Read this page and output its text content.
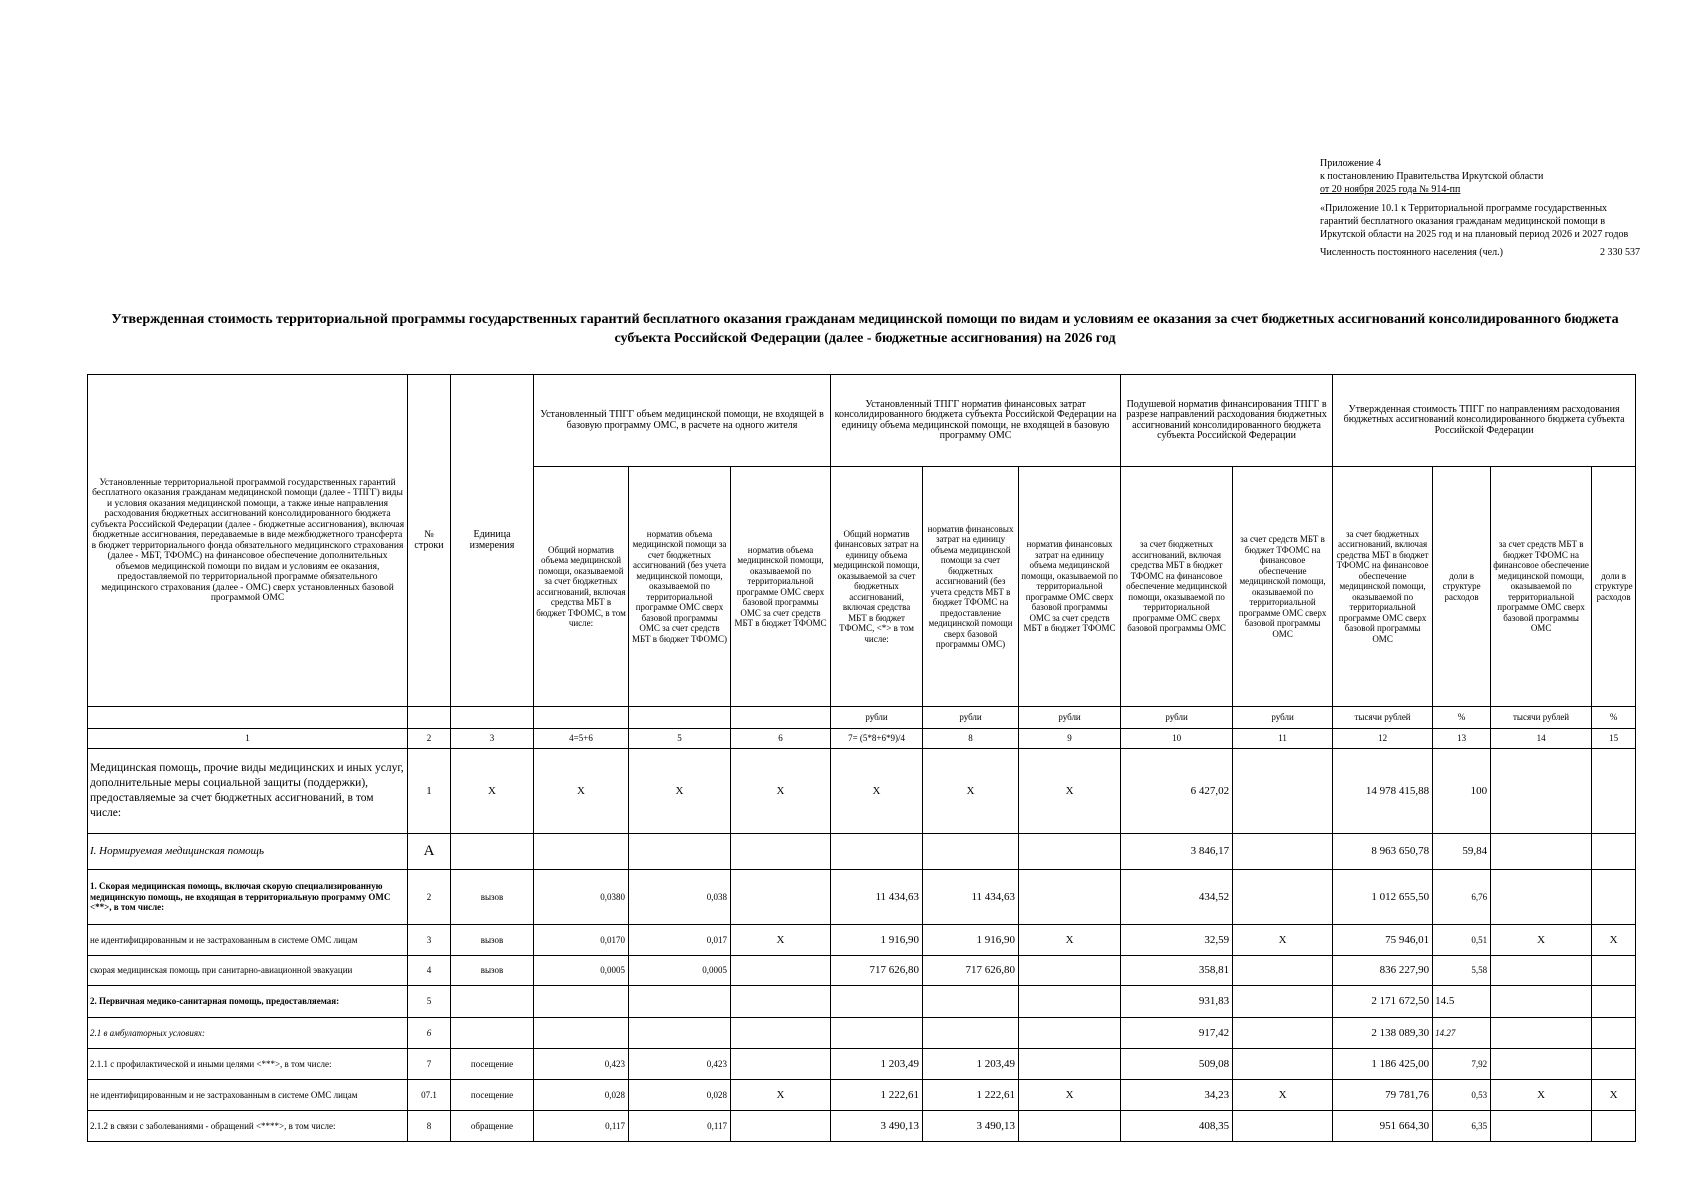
Приложение 4
к постановлению Правительства Иркутской области
от 20 ноября 2025 года № 914-пп
«Приложение 10.1 к Территориальной программе государственных гарантий бесплатного оказания гражданам медицинской помощи в Иркутской области на 2025 год и на плановый период 2026 и 2027 годов
Численность постоянного населения (чел.)	2 330 537
Утвержденная стоимость территориальной программы государственных гарантий бесплатного оказания гражданам медицинской помощи по видам и условиям ее оказания за счет бюджетных ассигнований консолидированного бюджета субъекта Российской Федерации (далее - бюджетные ассигнования) на 2026 год
Установленные территориальной программой государственных гарантий бесплатного оказания гражданам медицинской помощи (далее - ТПГГ) виды и условия оказания медицинской помощи, а также иные направления расходования бюджетных ассигнований консолидированного бюджета субъекта Российской Федерации (далее - бюджетные ассигнования), включая бюджетные ассигнования, передаваемые в виде межбюджетного трансферта в бюджет территориального фонда обязательного медицинского страхования (далее - МБТ, ТФОМС) на финансовое обеспечение дополнительных объемов медицинской помощи по видам и условиям ее оказания, предоставляемой по территориальной программе обязательного медицинского страхования (далее - ОМС) сверх установленных базовой программой ОМС	№ строки	Единица измерения	Установленный ТПГГ объем медицинской помощи, не входящей в базовую программу ОМС, в расчете на одного жителя			Установленный ТПГГ норматив финансовых затрат консолидированного бюджета субъекта Российской Федерации на единицу объема медицинской помощи, не входящей в базовую программу ОМС			Подушевой норматив финансирования ТПГГ в разрезе направлений расходования бюджетных ассигнований консолидированного бюджета субъекта Российской Федерации		Утвержденная стоимость ТПГГ по направлениям расходования бюджетных ассигнований консолидированного бюджета субъекта Российской Федерации			
			Общий норматив объема медицинской помощи, оказываемой за счет бюджетных ассигнований, включая средства МБТ в бюджет ТФОМС, в том числе:	норматив объема медицинской помощи за счет бюджетных ассигнований (без учета медицинской помощи, оказываемой по территориальной программе ОМС сверх базовой программы ОМС за счет средств МБТ в бюджет ТФОМС)	норматив объема медицинской помощи, оказываемой по территориальной программе ОМС сверх базовой программы ОМС за счет средств МБТ в бюджет ТФОМС	Общий норматив финансовых затрат на единицу объема медицинской помощи, оказываемой за счет бюджетных ассигнований, включая средства МБТ в бюджет ТФОМС, <*> в том числе:	норматив финансовых затрат на единицу объема медицинской помощи за счет бюджетных ассигнований (без учета средств МБТ в бюджет ТФОМС на предоставление медицинской помощи сверх базовой программы ОМС)	норматив финансовых затрат на единицу объема медицинской помощи, оказываемой по территориальной программе ОМС сверх базовой программы ОМС за счет средств МБТ в бюджет ТФОМС	за счет бюджетных ассигнований, включая средства МБТ в бюджет ТФОМС на финансовое обеспечение медицинской помощи, оказываемой по территориальной программе ОМС сверх базовой программы ОМС	за счет средств МБТ в бюджет ТФОМС на финансовое обеспечение медицинской помощи, оказываемой по территориальной программе ОМС сверх базовой программы ОМС	за счет бюджетных ассигнований, включая средства МБТ в бюджет ТФОМС на финансовое обеспечение медицинской помощи, оказываемой по территориальной программе ОМС сверх базовой программы ОМС	доли в структуре расходов	за счет средств МБТ в бюджет ТФОМС на финансовое обеспечение медицинской помощи, оказываемой по территориальной программе ОМС сверх базовой программы ОМС	доли в структуре расходов
						рубли	рубли	рубли	рубли	рубли	тысячи рублей	%	тысячи рублей	%
1	2	3	4=5+6	5	6	7= (5*8+6*9)/4	8	9	10	11	12	13	14	15
Медицинская помощь, прочие виды медицинских и иных услуг, дополнительные меры социальной защиты (поддержки), предоставляемые за счет бюджетных ассигнований, в том числе:	1	Х	Х	Х	Х	Х	Х	Х	6 427,02		14 978 415,88	100		
I. Нормируемая медицинская помощь	А								3 846,17		8 963 650,78	59,84		
1. Скорая медицинская помощь, включая скорую специализированную медицинскую помощь, не входящая в территориальную программу ОМС <**>, в том числе:	2	вызов	0,0380	0,038		11 434,63	11 434,63		434,52		1 012 655,50	6,76		
не идентифицированным и не застрахованным в системе ОМС лицам	3	вызов	0,0170	0,017	Х	1 916,90	1 916,90	Х	32,59	Х	75 946,01	0,51	Х	Х
скорая медицинская помощь при санитарно-авиационной эвакуации	4	вызов	0,0005	0,0005		717 626,80	717 626,80		358,81		836 227,90	5,58		
2. Первичная медико-санитарная помощь, предоставляемая:	5								931,83		2 171 672,50	14.5		
2.1 в амбулаторных условиях:	6								917,42		2 138 089,30	14.27		
2.1.1 с профилактической и иными целями <***>, в том числе:	7	посещение	0,423	0,423		1 203,49	1 203,49		509,08		1 186 425,00	7,92		
не идентифицированным и не застрахованным в системе ОМС лицам	07.1	посещение	0,028	0,028	Х	1 222,61	1 222,61	Х	34,23	Х	79 781,76	0,53	Х	Х
2.1.2 в связи с заболеваниями - обращений <****>, в том числе:	8	обращение	0,117	0,117		3 490,13	3 490,13		408,35		951 664,30	6,35		
